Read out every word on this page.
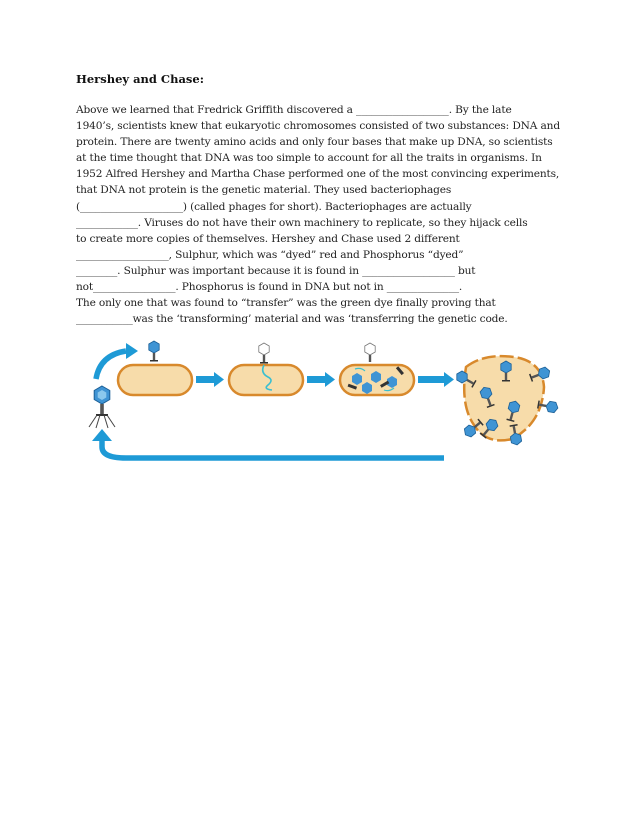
Hershey and Chase:
Above we learned that Fredrick Griffith discovered a __________________. By the late
1940’s, scientists knew that eukaryotic chromosomes consisted of two substances: DNA and
protein. There are twenty amino acids and only four bases that make up DNA, so scientists
at the time thought that DNA was too simple to account for all the traits in organisms. In
1952 Alfred Hershey and Martha Chase performed one of the most convincing experiments,
that DNA not protein is the genetic material. They used bacteriophages
(____________________) (called phages for short). Bacteriophages are actually
____________. Viruses do not have their own machinery to replicate, so they hijack cells
to create more copies of themselves. Hershey and Chase used 2 different
__________________, Sulphur, which was “dyed” red and Phosphorus “dyed”
________. Sulphur was important because it is found in __________________ but
not________________. Phosphorus is found in DNA but not in ______________.
The only one that was found to “transfer” was the green dye finally proving that
___________was the ‘transforming’ material and was ‘transferring the genetic code.
